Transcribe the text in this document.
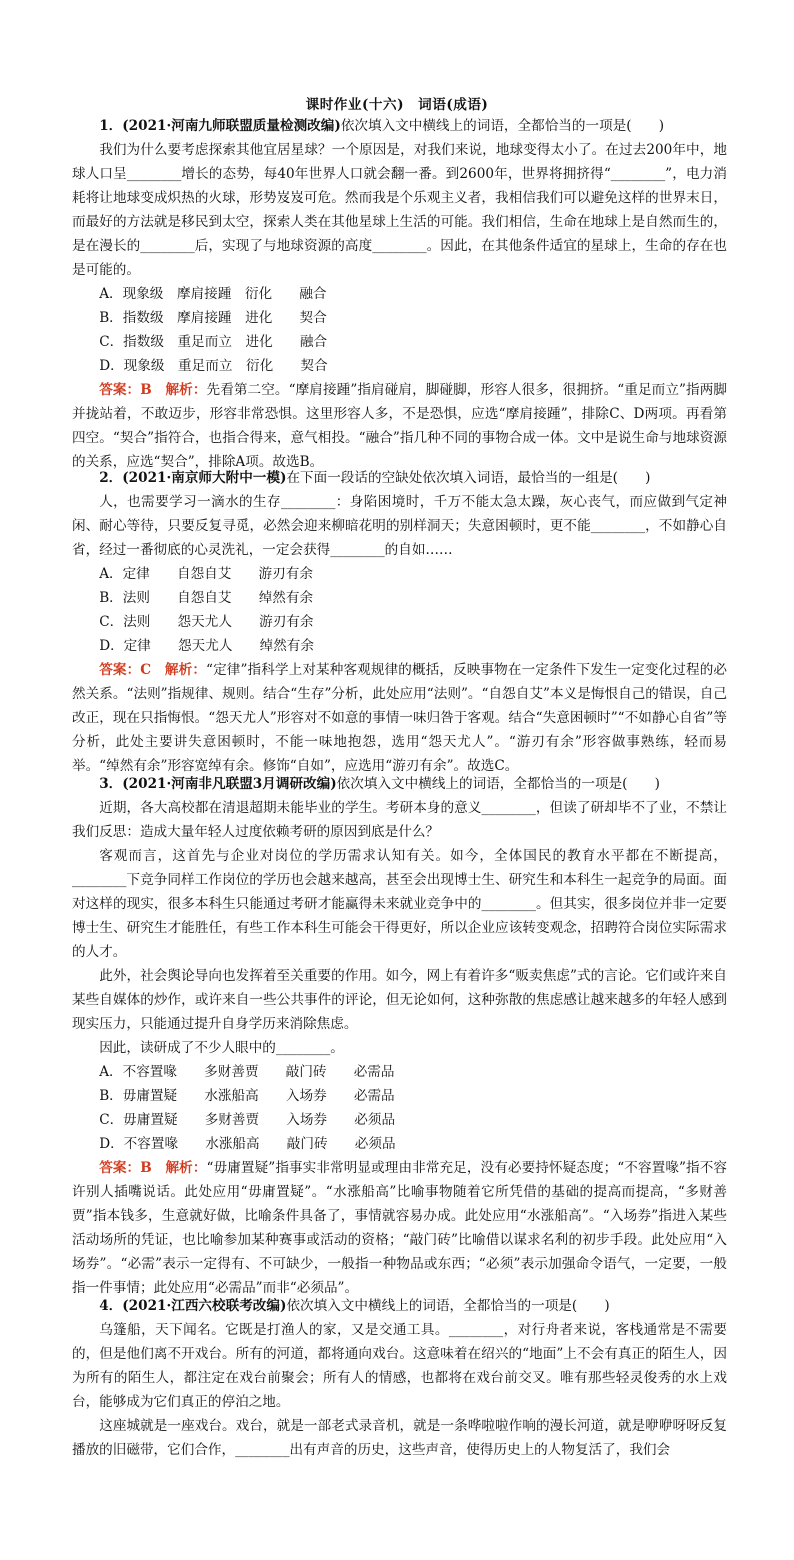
课时作业(十六)　词语(成语)

1．(2021·河南九师联盟质量检测改编)依次填入文中横线上的词语，全都恰当的一项是(　　)

我们为什么要考虑探索其他宜居星球？一个原因是，对我们来说，地球变得太小了。在过去200年中，地球人口呈________增长的态势，每40年世界人口就会翻一番。到2600年，世界将拥挤得“________”，电力消耗将让地球变成炽热的火球，形势岌岌可危。然而我是个乐观主义者，我相信我们可以避免这样的世界末日，而最好的方法就是移民到太空，探索人类在其他星球上生活的可能。我们相信，生命在地球上是自然而生的，是在漫长的________后，实现了与地球资源的高度________。因此，在其他条件适宜的星球上，生命的存在也是可能的。

A．现象级　摩肩接踵　衍化　　融合

B．指数级　摩肩接踵　进化　　契合

C．指数级　重足而立　进化　　融合

D．现象级　重足而立　衍化　　契合

答案：B　解析：先看第二空。“摩肩接踵”指肩碰肩，脚碰脚，形容人很多，很拥挤。“重足而立”指两脚并拢站着，不敢迈步，形容非常恐惧。这里形容人多，不是恐惧，应选“摩肩接踵”，排除C、D两项。再看第四空。“契合”指符合，也指合得来，意气相投。“融合”指几种不同的事物合成一体。文中是说生命与地球资源的关系，应选“契合”，排除A项。故选B。

2．(2021·南京师大附中一模)在下面一段话的空缺处依次填入词语，最恰当的一组是(　　)

人，也需要学习一滴水的生存________：身陷困境时，千万不能太急太躁，灰心丧气，而应做到气定神闲、耐心等待，只要反复寻觅，必然会迎来柳暗花明的别样洞天；失意困顿时，更不能________，不如静心自省，经过一番彻底的心灵洗礼，一定会获得________的自如……

A．定律　　自怨自艾　　游刃有余

B．法则　　自怨自艾　　绰然有余

C．法则　　怨天尤人　　游刃有余

D．定律　　怨天尤人　　绰然有余

答案：C　解析：“定律”指科学上对某种客观规律的概括，反映事物在一定条件下发生一定变化过程的必然关系。“法则”指规律、规则。结合“生存”分析，此处应用“法则”。“自怨自艾”本义是悔恨自己的错误，自己改正，现在只指悔恨。“怨天尤人”形容对不如意的事情一味归咎于客观。结合“失意困顿时”“不如静心自省”等分析，此处主要讲失意困顿时，不能一味地抱怨，选用“怨天尤人”。“游刃有余”形容做事熟练，轻而易举。“绰然有余”形容宽绰有余。修饰“自如”，应选用“游刃有余”。故选C。

3．(2021·河南非凡联盟3月调研改编)依次填入文中横线上的词语，全都恰当的一项是(　　)

近期，各大高校都在清退超期未能毕业的学生。考研本身的意义________，但读了研却毕不了业，不禁让我们反思：造成大量年轻人过度依赖考研的原因到底是什么？

客观而言，这首先与企业对岗位的学历需求认知有关。如今，全体国民的教育水平都在不断提高，________下竞争同样工作岗位的学历也会越来越高，甚至会出现博士生、研究生和本科生一起竞争的局面。面对这样的现实，很多本科生只能通过考研才能赢得未来就业竞争中的________。但其实，很多岗位并非一定要博士生、研究生才能胜任，有些工作本科生可能会干得更好，所以企业应该转变观念，招聘符合岗位实际需求的人才。

此外，社会舆论导向也发挥着至关重要的作用。如今，网上有着许多“贩卖焦虑”式的言论。它们或许来自某些自媒体的炒作，或许来自一些公共事件的评论，但无论如何，这种弥散的焦虑感让越来越多的年轻人感到现实压力，只能通过提升自身学历来消除焦虑。

因此，读研成了不少人眼中的________。

A．不容置喙　　多财善贾　　敲门砖　　必需品

B．毋庸置疑　　水涨船高　　入场券　　必需品

C．毋庸置疑　　多财善贾　　入场券　　必须品

D．不容置喙　　水涨船高　　敲门砖　　必须品

答案：B　解析：“毋庸置疑”指事实非常明显或理由非常充足，没有必要持怀疑态度；“不容置喙”指不容许别人插嘴说话。此处应用“毋庸置疑”。“水涨船高”比喻事物随着它所凭借的基础的提高而提高，“多财善贾”指本钱多，生意就好做，比喻条件具备了，事情就容易办成。此处应用“水涨船高”。“入场券”指进入某些活动场所的凭证，也比喻参加某种赛事或活动的资格；“敲门砖”比喻借以谋求名利的初步手段。此处应用“入场券”。“必需”表示一定得有、不可缺少，一般指一种物品或东西；“必须”表示加强命令语气，一定要，一般指一件事情；此处应用“必需品”而非“必须品”。

4．(2021·江西六校联考改编)依次填入文中横线上的词语，全都恰当的一项是(　　)

乌篷船，天下闻名。它既是打渔人的家，又是交通工具。________，对行舟者来说，客栈通常是不需要的，但是他们离不开戏台。所有的河道，都将通向戏台。这意味着在绍兴的“地面”上不会有真正的陌生人，因为所有的陌生人，都注定在戏台前聚会；所有人的情感，也都将在戏台前交叉。唯有那些轻灵俊秀的水上戏台，能够成为它们真正的停泊之地。

这座城就是一座戏台。戏台，就是一部老式录音机，就是一条哗啦啦作响的漫长河道，就是咿咿呀呀反复播放的旧磁带，它们合作，________出有声音的历史，这些声音，使得历史上的人物复活了，我们会
